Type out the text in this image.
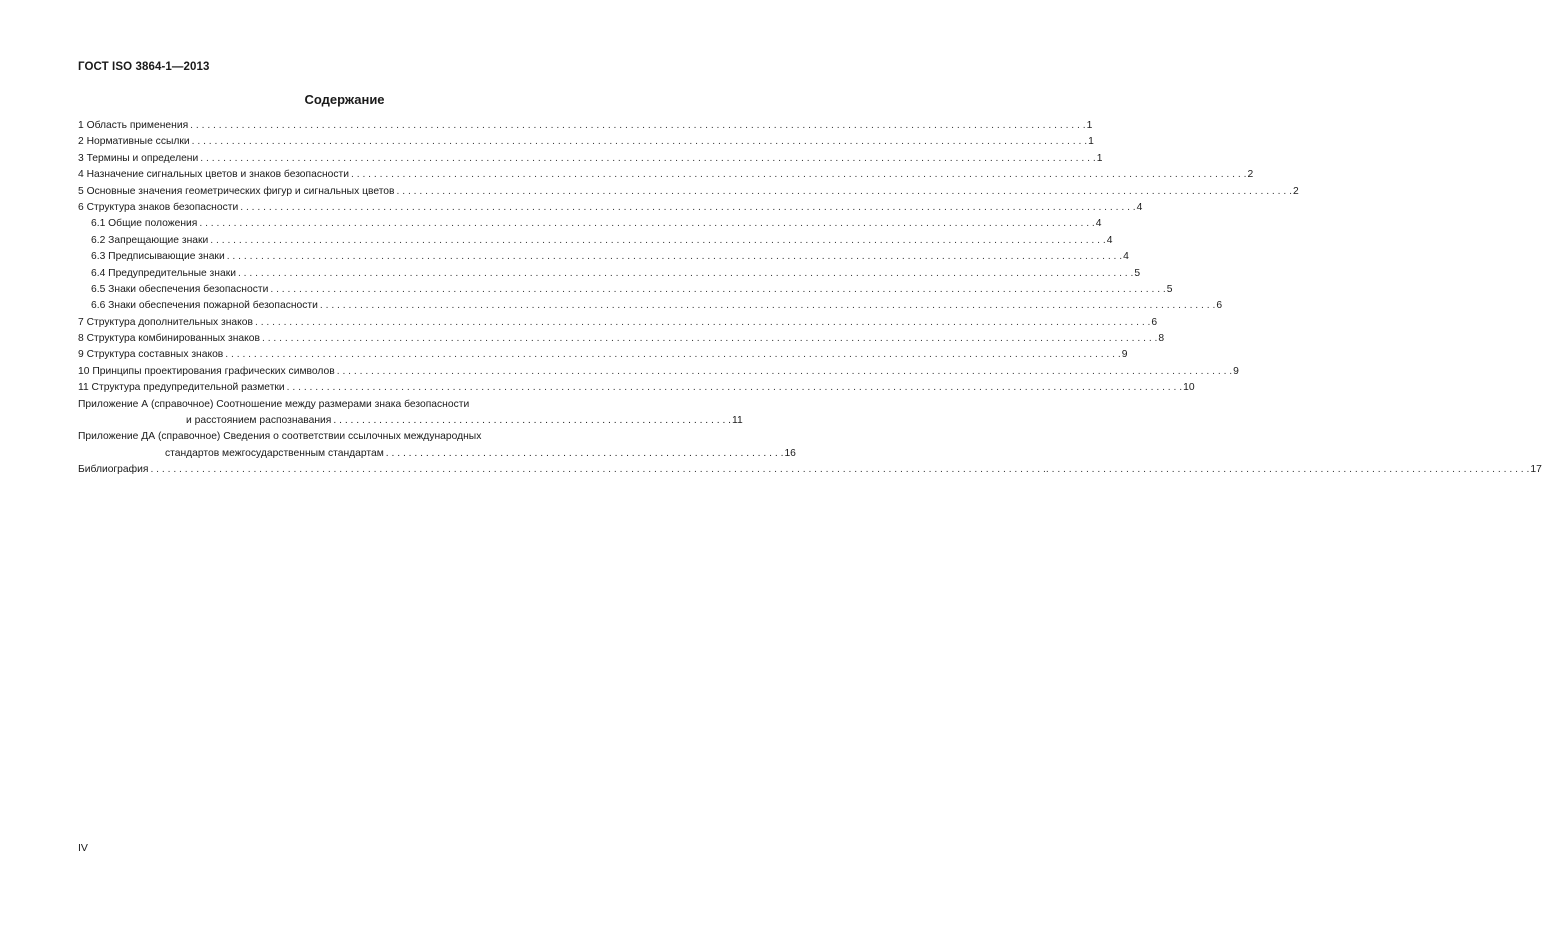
ГОСТ ISO 3864-1—2013
Содержание
1 Область применения . . .	1
2 Нормативные ссылки . . .	1
3 Термины и определени . . .	1
4 Назначение сигнальных цветов и знаков безопасности . . .	2
5 Основные значения геометрических фигур и сигнальных цветов . . .	2
6 Структура знаков безопасности . . .	4
6.1 Общие положения . . .	4
6.2 Запрещающие знаки . . .	4
6.3 Предписывающие знаки . . .	4
6.4 Предупредительные знаки . . .	5
6.5 Знаки обеспечения безопасности . . .	5
6.6 Знаки обеспечения пожарной безопасности . . .	6
7 Структура дополнительных знаков . . .	6
8 Структура комбинированных знаков . . .	8
9 Структура составных знаков . . .	9
10 Принципы проектирования графических символов . . .	9
11 Структура предупредительной разметки . . .	10
Приложение А (справочное) Соотношение между размерами знака безопасности
и расстоянием распознавания . . . . . . . . . . . . . . . . . . . . . . . . . . . . . . . . . . . . . . . . . . . . . . . . . . . . . . . . . . . . . . . . . . . . . . 11
Приложение ДА (справочное) Сведения о соответствии ссылочных международных
стандартов межгосударственным стандартам . . . . . . . . . . . . . . . . . . . . . . . . . . . . . . . . . . . . . . . . . . . . . . . . . . . . . . . . . . . . . . . . . . . . . . 16
Библиография	. . . . . . . . . . . . . . . . . . . . . . . . . . . . . . . . . . . . . . . . . . . . . . . . . . . . . . . . . . . . . . . . . . . . . . . . . . . . . . . . . . . . . . . . 17
IV
